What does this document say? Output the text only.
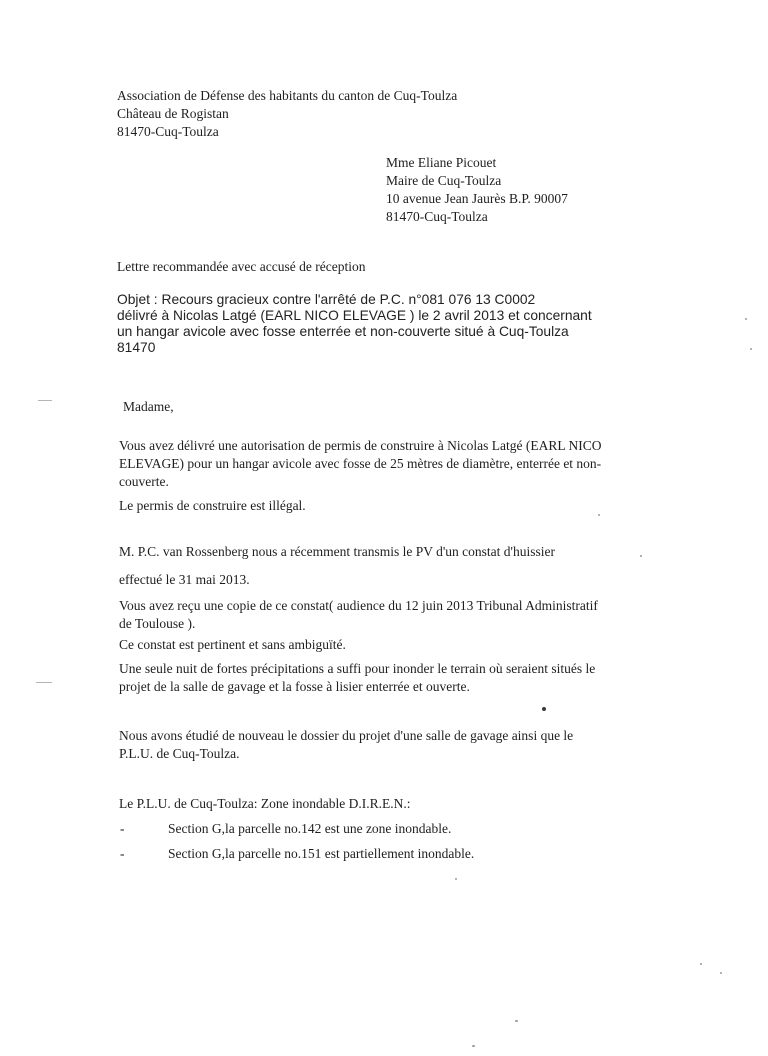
Association de Défense des habitants du canton de Cuq-Toulza
Château de Rogistan
81470-Cuq-Toulza
Mme Eliane Picouet
Maire de Cuq-Toulza
10 avenue Jean Jaurès B.P. 90007
81470-Cuq-Toulza
Lettre recommandée avec accusé de réception
Objet : Recours gracieux contre l'arrêté de P.C. n°081 076 13 C0002
délivré à Nicolas Latgé (EARL NICO ELEVAGE ) le 2 avril 2013 et concernant
un hangar avicole avec fosse enterrée et non-couverte situé à Cuq-Toulza
81470
Madame,
Vous avez délivré une autorisation de permis de construire à Nicolas Latgé (EARL NICO
ELEVAGE) pour un hangar avicole avec fosse de 25 mètres de diamètre, enterrée et non-
couverte.
Le permis de construire est illégal.
M. P.C. van Rossenberg nous a récemment transmis le PV d'un constat d'huissier
effectué le 31 mai 2013.
Vous avez reçu une copie de ce constat( audience du 12 juin 2013 Tribunal Administratif
de Toulouse ).
Ce constat est pertinent et sans ambiguïté.
Une seule nuit de fortes précipitations a suffi pour inonder le terrain où seraient situés le
projet de la salle de gavage et la fosse à lisier enterrée et ouverte.
Nous avons étudié de nouveau le dossier du projet d'une salle de gavage ainsi que le
P.L.U. de Cuq-Toulza.
Le P.L.U. de Cuq-Toulza: Zone inondable D.I.R.E.N.:
-	Section G,la parcelle no.142 est une zone inondable.
-	Section G,la parcelle no.151 est partiellement inondable.
